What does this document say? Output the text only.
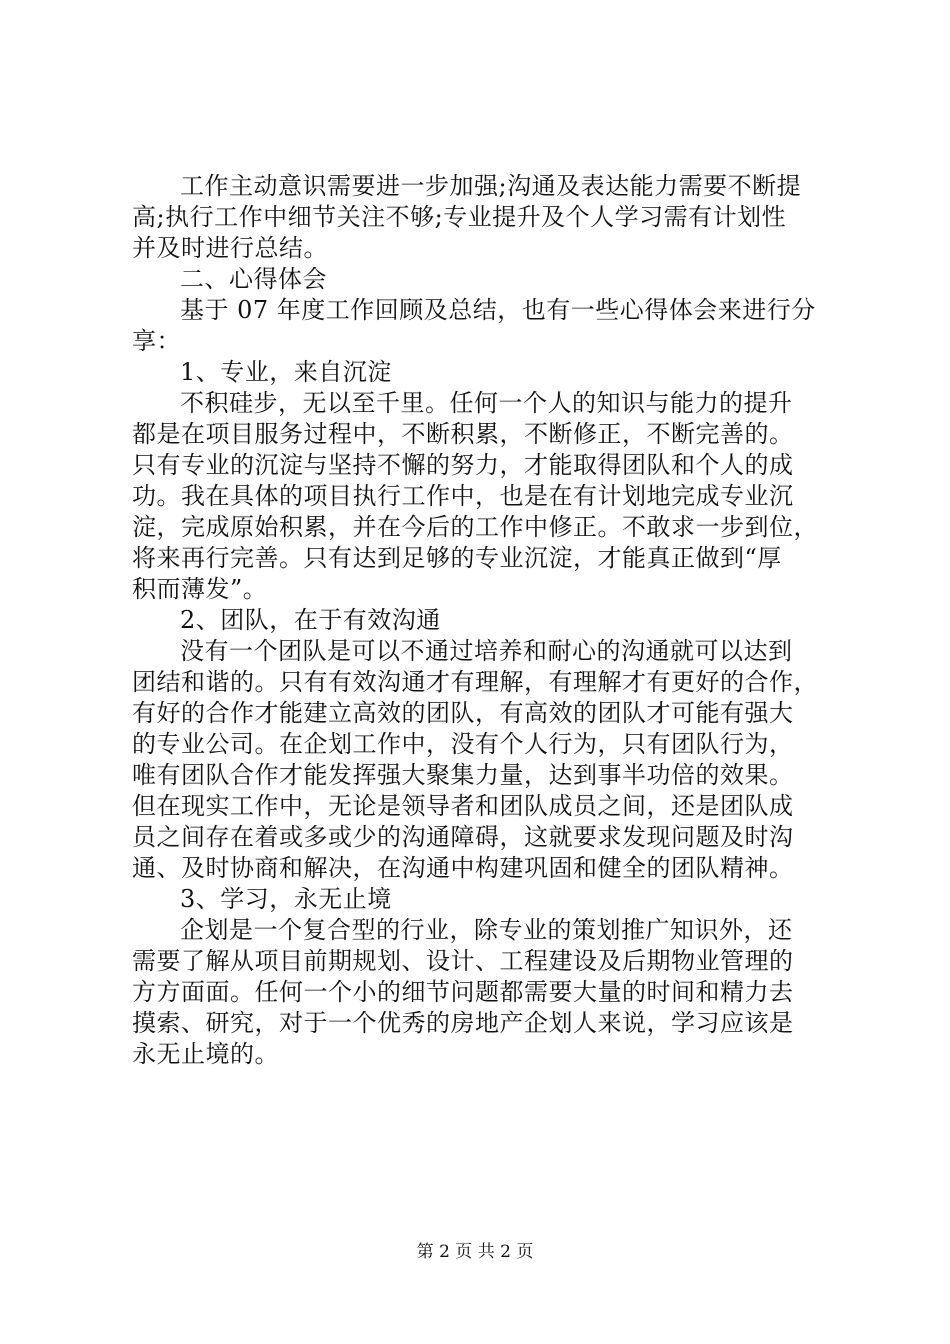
工作主动意识需要进一步加强;沟通及表达能力需要不断提
高;执行工作中细节关注不够;专业提升及个人学习需有计划性
并及时进行总结。
二、心得体会
基于 07 年度工作回顾及总结，也有一些心得体会来进行分
享：
1、专业，来自沉淀
不积硅步，无以至千里。任何一个人的知识与能力的提升
都是在项目服务过程中，不断积累，不断修正，不断完善的。
只有专业的沉淀与坚持不懈的努力，才能取得团队和个人的成
功。我在具体的项目执行工作中，也是在有计划地完成专业沉
淀，完成原始积累，并在今后的工作中修正。不敢求一步到位，
将来再行完善。只有达到足够的专业沉淀，才能真正做到“厚
积而薄发”。
2、团队，在于有效沟通
没有一个团队是可以不通过培养和耐心的沟通就可以达到
团结和谐的。只有有效沟通才有理解，有理解才有更好的合作，
有好的合作才能建立高效的团队，有高效的团队才可能有强大
的专业公司。在企划工作中，没有个人行为，只有团队行为，
唯有团队合作才能发挥强大聚集力量，达到事半功倍的效果。
但在现实工作中，无论是领导者和团队成员之间，还是团队成
员之间存在着或多或少的沟通障碍，这就要求发现问题及时沟
通、及时协商和解决，在沟通中构建巩固和健全的团队精神。
3、学习，永无止境
企划是一个复合型的行业，除专业的策划推广知识外，还
需要了解从项目前期规划、设计、工程建设及后期物业管理的
方方面面。任何一个小的细节问题都需要大量的时间和精力去
摸索、研究，对于一个优秀的房地产企划人来说，学习应该是
永无止境的。
第 2 页 共 2 页
